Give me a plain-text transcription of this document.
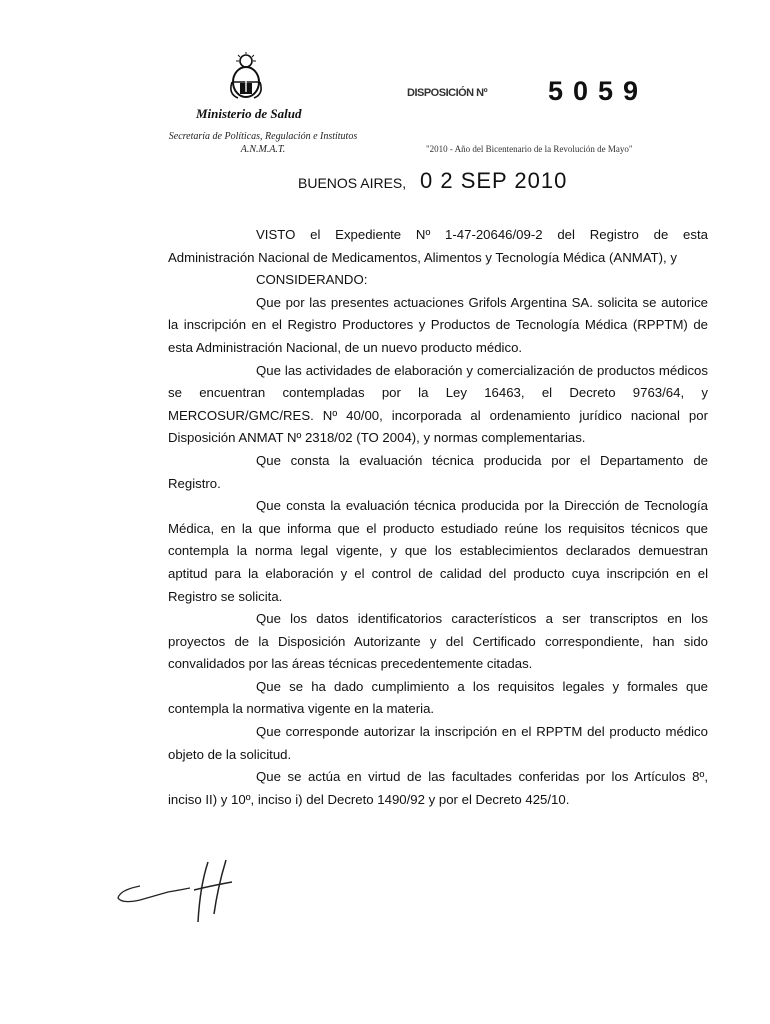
Ministerio de Salud
Secretaría de Políticas, Regulación e Institutos
A.N.M.A.T.
DISPOSICIÓN Nº 5059
"2010 - Año del Bicentenario de la Revolución de Mayo"
BUENOS AIRES, 0 2 SEP 2010

VISTO el Expediente Nº 1-47-20646/09-2 del Registro de esta Administración Nacional de Medicamentos, Alimentos y Tecnología Médica (ANMAT), y

CONSIDERANDO:

Que por las presentes actuaciones Grifols Argentina SA. solicita se autorice la inscripción en el Registro Productores y Productos de Tecnología Médica (RPPTM) de esta Administración Nacional, de un nuevo producto médico.

Que las actividades de elaboración y comercialización de productos médicos se encuentran contempladas por la Ley 16463, el Decreto 9763/64, y MERCOSUR/GMC/RES. Nº 40/00, incorporada al ordenamiento jurídico nacional por Disposición ANMAT Nº 2318/02 (TO 2004), y normas complementarias.

Que consta la evaluación técnica producida por el Departamento de Registro.

Que consta la evaluación técnica producida por la Dirección de Tecnología Médica, en la que informa que el producto estudiado reúne los requisitos técnicos que contempla la norma legal vigente, y que los establecimientos declarados demuestran aptitud para la elaboración y el control de calidad del producto cuya inscripción en el Registro se solicita.

Que los datos identificatorios característicos a ser transcriptos en los proyectos de la Disposición Autorizante y del Certificado correspondiente, han sido convalidados por las áreas técnicas precedentemente citadas.

Que se ha dado cumplimiento a los requisitos legales y formales que contempla la normativa vigente en la materia.

Que corresponde autorizar la inscripción en el RPPTM del producto médico objeto de la solicitud.

Que se actúa en virtud de las facultades conferidas por los Artículos 8º, inciso II) y 10º, inciso i) del Decreto 1490/92 y por el Decreto 425/10.
